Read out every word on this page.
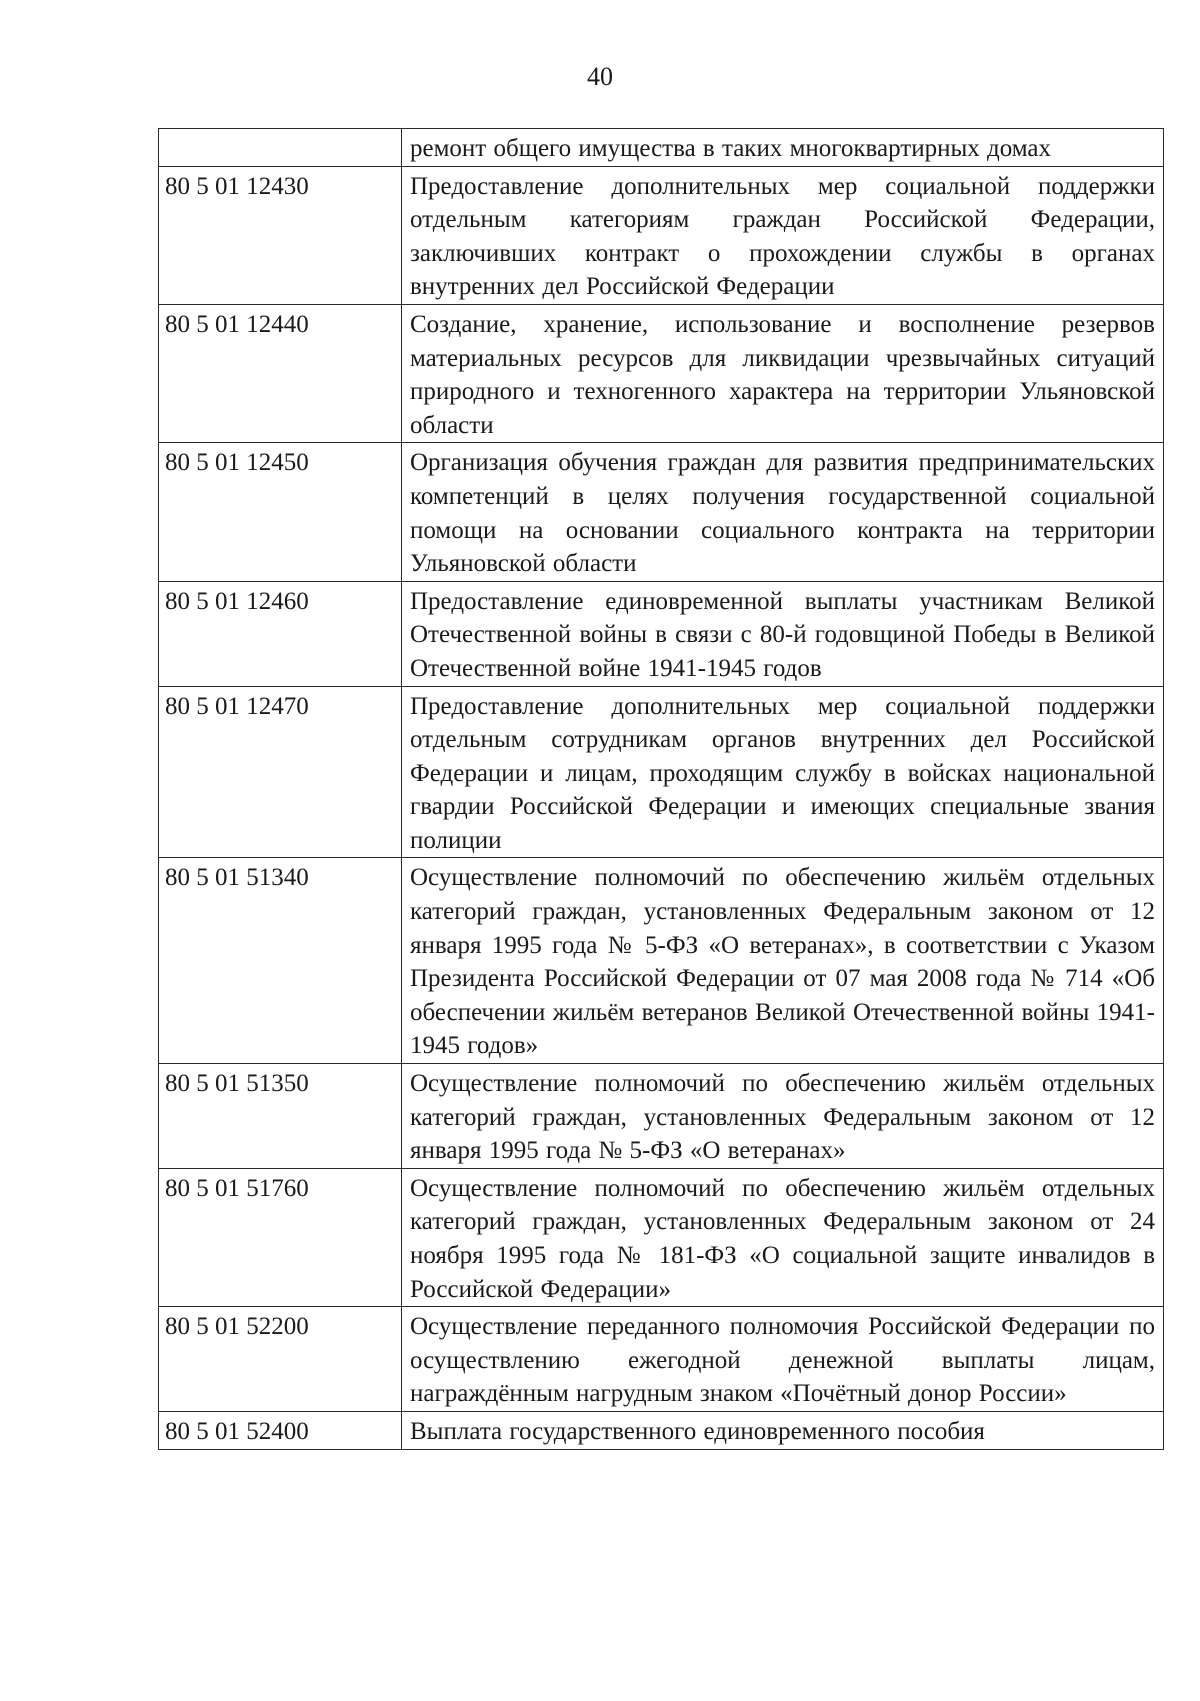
40
	ремонт общего имущества в таких многоквартирных домах
80 5 01 12430	Предоставление дополнительных мер социальной поддержки отдельным категориям граждан Российской Федерации, заключивших контракт о прохождении службы в органах внутренних дел Российской Федерации
80 5 01 12440	Создание, хранение, использование и восполнение резервов материальных ресурсов для ликвидации чрезвычайных ситуаций природного и техногенного характера на территории Ульяновской области
80 5 01 12450	Организация обучения граждан для развития предпринимательских компетенций в целях получения государственной социальной помощи на основании социального контракта на территории Ульяновской области
80 5 01 12460	Предоставление единовременной выплаты участникам Великой Отечественной войны в связи с 80-й годовщиной Победы в Великой Отечественной войне 1941-1945 годов
80 5 01 12470	Предоставление дополнительных мер социальной поддержки отдельным сотрудникам органов внутренних дел Российской Федерации и лицам, проходящим службу в войсках национальной гвардии Российской Федерации и имеющих специальные звания полиции
80 5 01 51340	Осуществление полномочий по обеспечению жильём отдельных категорий граждан, установленных Федеральным законом от 12 января 1995 года № 5-ФЗ «О ветеранах», в соответствии с Указом Президента Российской Федерации от 07 мая 2008 года № 714 «Об обеспечении жильём ветеранов Великой Отечественной войны 1941-1945 годов»
80 5 01 51350	Осуществление полномочий по обеспечению жильём отдельных категорий граждан, установленных Федеральным законом от 12 января 1995 года № 5-ФЗ «О ветеранах»
80 5 01 51760	Осуществление полномочий по обеспечению жильём отдельных категорий граждан, установленных Федеральным законом от 24 ноября 1995 года № 181-ФЗ «О социальной защите инвалидов в Российской Федерации»
80 5 01 52200	Осуществление переданного полномочия Российской Федерации по осуществлению ежегодной денежной выплаты лицам, награждённым нагрудным знаком «Почётный донор России»
80 5 01 52400	Выплата государственного единовременного пособия
